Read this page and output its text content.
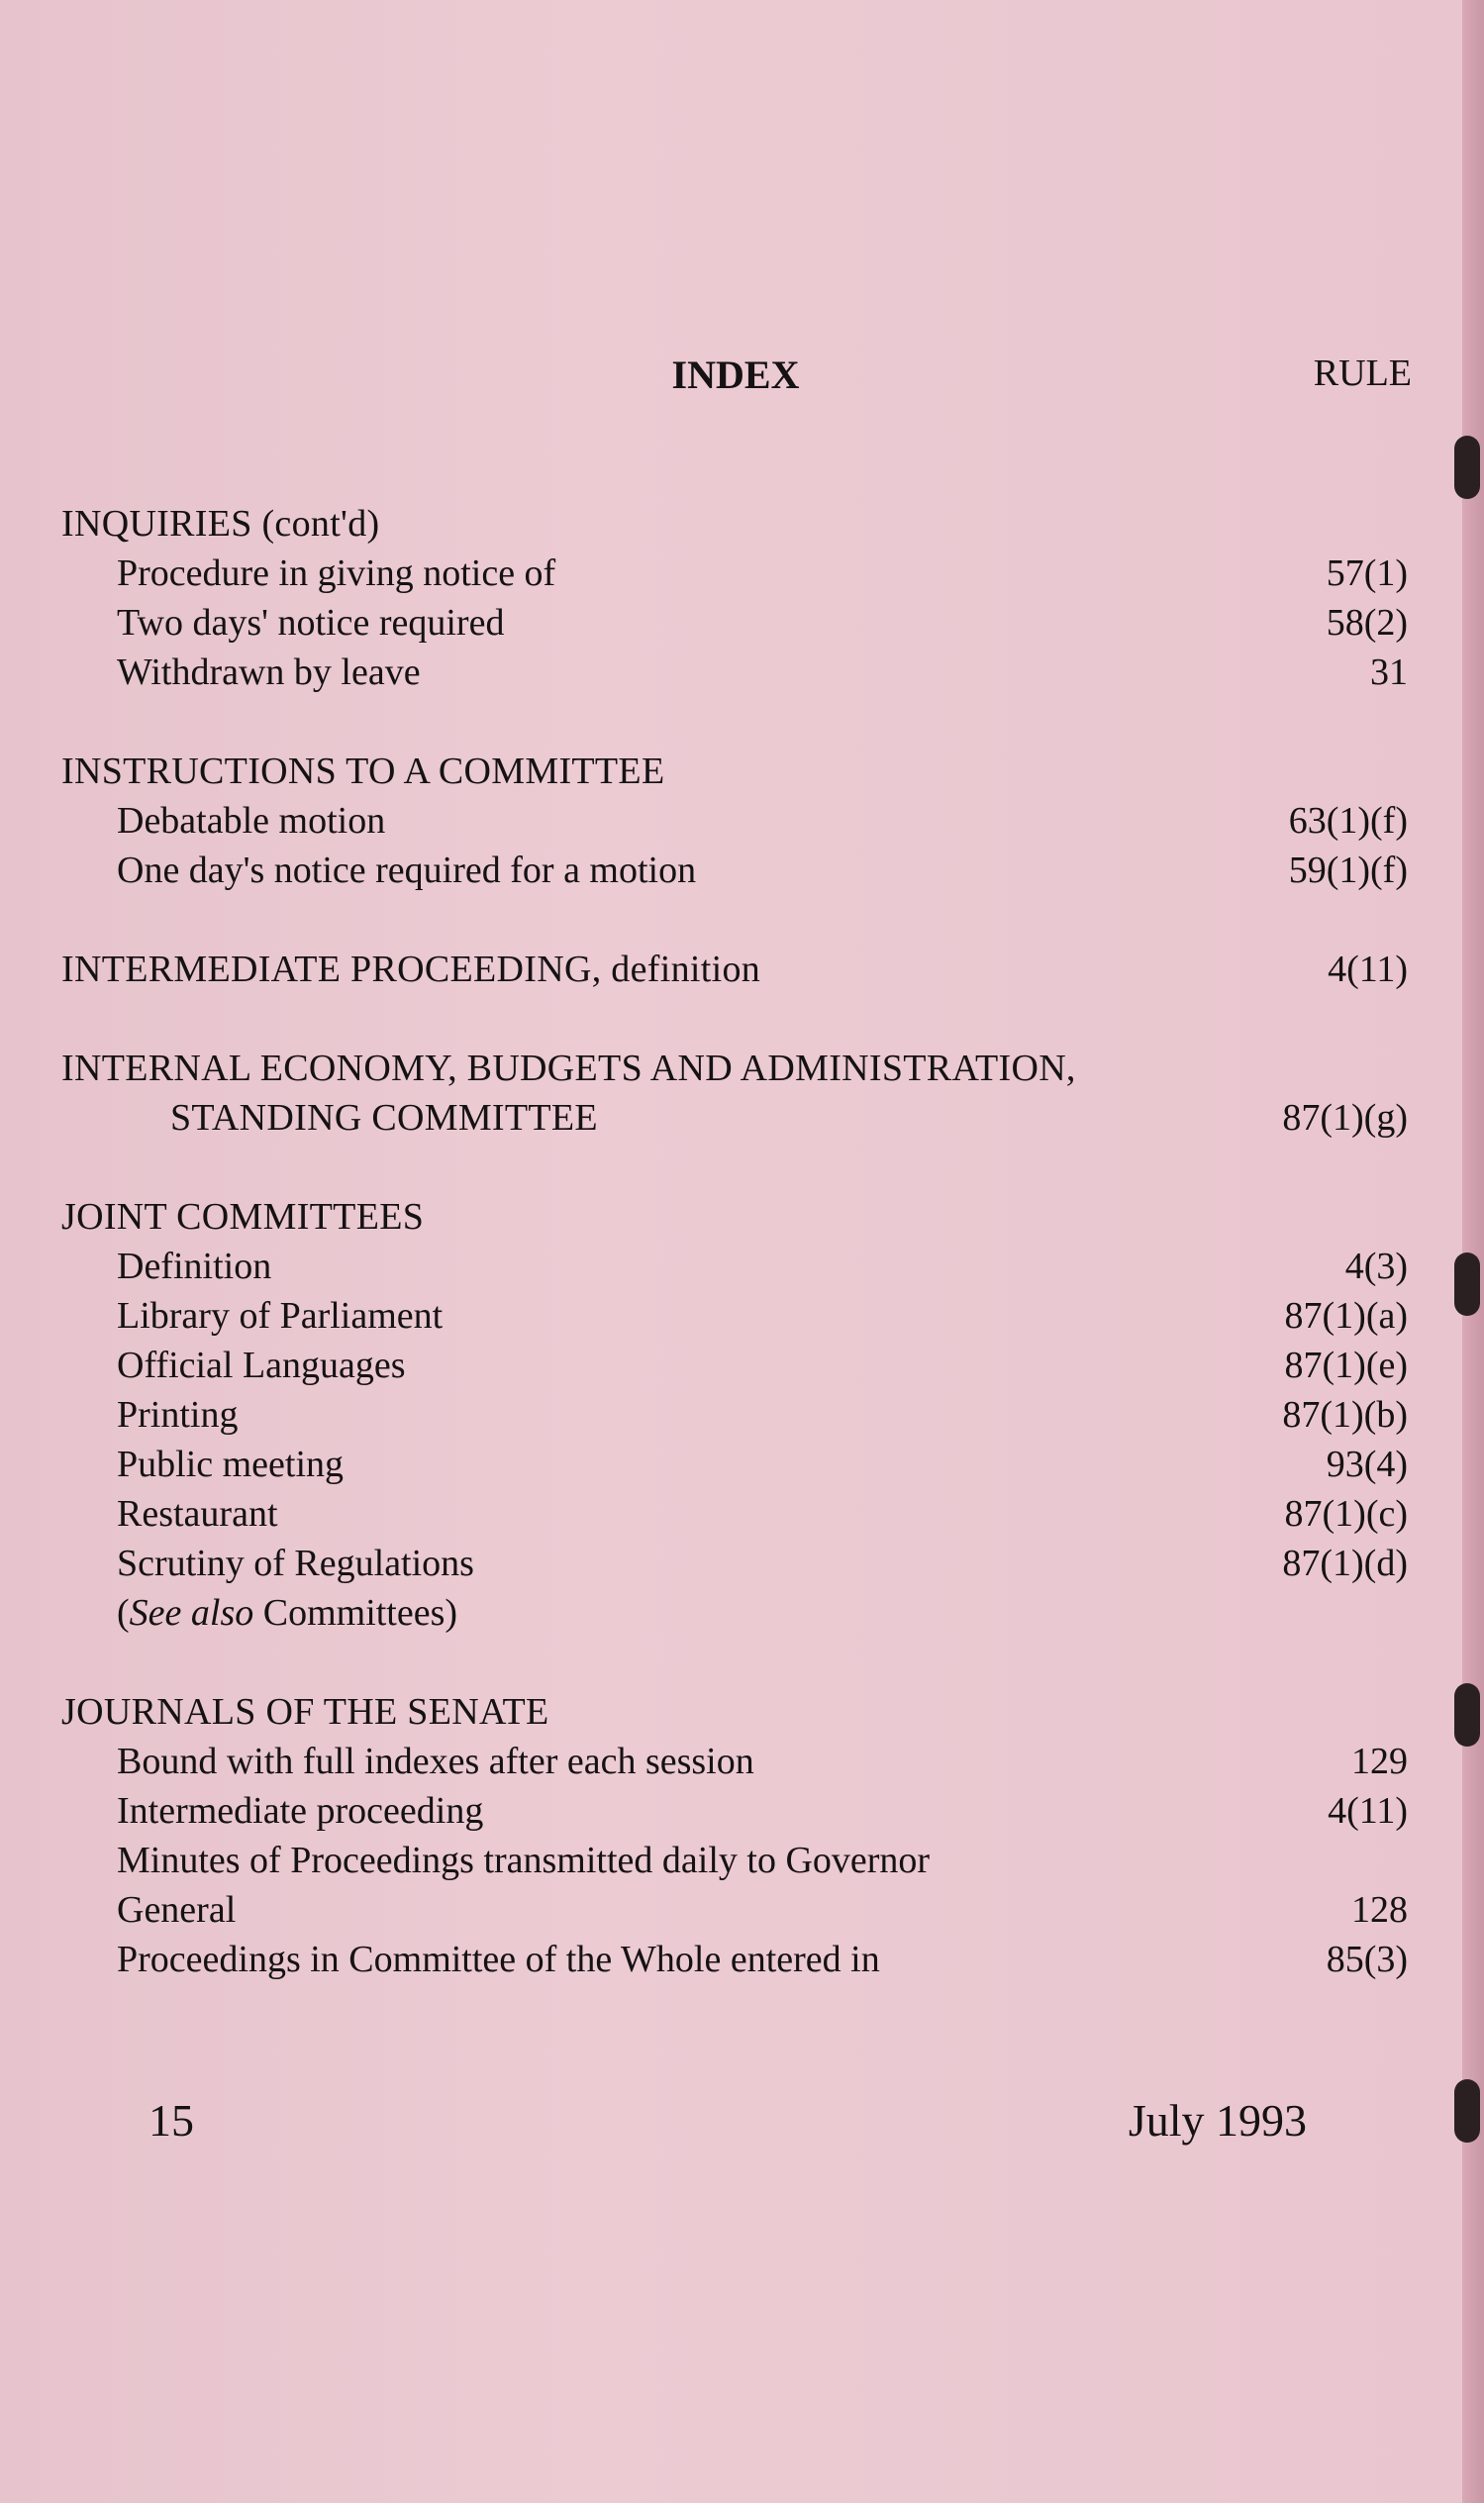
INDEX	RULE
INQUIRIES (cont'd)
Procedure in giving notice of	57(1)
Two days' notice required	58(2)
Withdrawn by leave	31
INSTRUCTIONS TO A COMMITTEE
Debatable motion	63(1)(f)
One day's notice required for a motion	59(1)(f)
INTERMEDIATE PROCEEDING, definition	4(11)
INTERNAL ECONOMY, BUDGETS AND ADMINISTRATION,
STANDING COMMITTEE	87(1)(g)
JOINT COMMITTEES
Definition	4(3)
Library of Parliament	87(1)(a)
Official Languages	87(1)(e)
Printing	87(1)(b)
Public meeting	93(4)
Restaurant	87(1)(c)
Scrutiny of Regulations	87(1)(d)
(See also Committees)
JOURNALS OF THE SENATE
Bound with full indexes after each session	129
Intermediate proceeding	4(11)
Minutes of Proceedings transmitted daily to Governor
General	128
Proceedings in Committee of the Whole entered in	85(3)
15	July 1993
